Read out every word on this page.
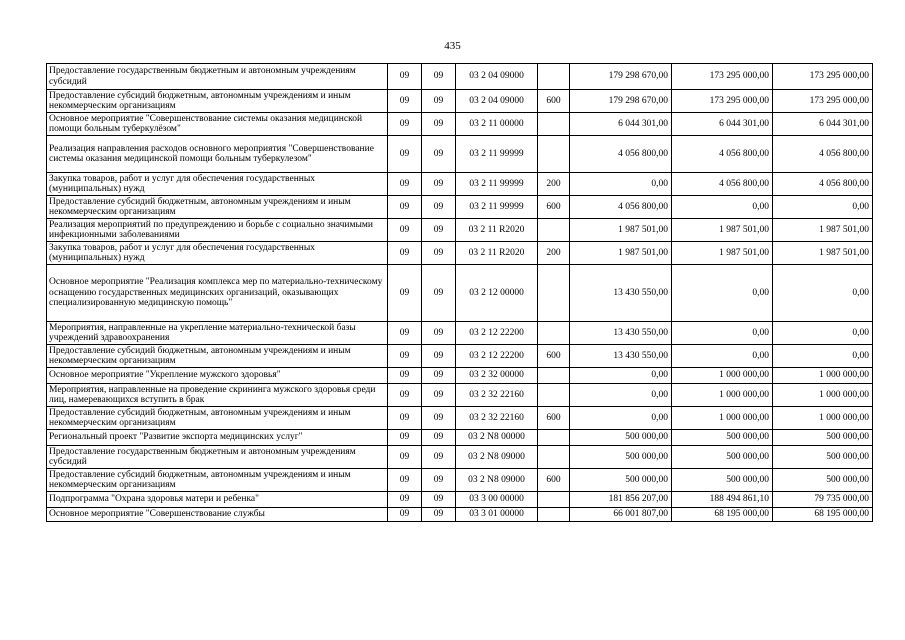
435
Предоставление государственным бюджетным и автономным учреждениям субсидий	09	09	03 2 04 09000		179 298 670,00	173 295 000,00	173 295 000,00
Предоставление субсидий бюджетным, автономным учреждениям и иным некоммерческим организациям	09	09	03 2 04 09000	600	179 298 670,00	173 295 000,00	173 295 000,00
Основное мероприятие "Совершенствование системы оказания медицинской помощи больным туберкулёзом"	09	09	03 2 11 00000		6 044 301,00	6 044 301,00	6 044 301,00
Реализация направления расходов основного мероприятия "Совершенствование системы оказания медицинской помощи больным туберкулезом"	09	09	03 2 11 99999		4 056 800,00	4 056 800,00	4 056 800,00
Закупка товаров, работ и услуг для обеспечения государственных (муниципальных) нужд	09	09	03 2 11 99999	200	0,00	4 056 800,00	4 056 800,00
Предоставление субсидий бюджетным, автономным учреждениям и иным некоммерческим организациям	09	09	03 2 11 99999	600	4 056 800,00	0,00	0,00
Реализация мероприятий по предупреждению и борьбе с социально значимыми инфекционными заболеваниями	09	09	03 2 11 R2020		1 987 501,00	1 987 501,00	1 987 501,00
Закупка товаров, работ и услуг для обеспечения государственных (муниципальных) нужд	09	09	03 2 11 R2020	200	1 987 501,00	1 987 501,00	1 987 501,00
Основное мероприятие "Реализация комплекса мер по материально-техническому оснащению государственных медицинских организаций, оказывающих специализированную медицинскую помощь"	09	09	03 2 12 00000		13 430 550,00	0,00	0,00
Мероприятия, направленные на укрепление материально-технической базы учреждений здравоохранения	09	09	03 2 12 22200		13 430 550,00	0,00	0,00
Предоставление субсидий бюджетным, автономным учреждениям и иным некоммерческим организациям	09	09	03 2 12 22200	600	13 430 550,00	0,00	0,00
Основное мероприятие "Укрепление мужского здоровья"	09	09	03 2 32 00000		0,00	1 000 000,00	1 000 000,00
Мероприятия, направленные на проведение скрининга мужского здоровья среди лиц, намеревающихся вступить в брак	09	09	03 2 32 22160		0,00	1 000 000,00	1 000 000,00
Предоставление субсидий бюджетным, автономным учреждениям и иным некоммерческим организациям	09	09	03 2 32 22160	600	0,00	1 000 000,00	1 000 000,00
Региональный проект "Развитие экспорта медицинских услуг"	09	09	03 2 N8 00000		500 000,00	500 000,00	500 000,00
Предоставление государственным бюджетным и автономным учреждениям субсидий	09	09	03 2 N8 09000		500 000,00	500 000,00	500 000,00
Предоставление субсидий бюджетным, автономным учреждениям и иным некоммерческим организациям	09	09	03 2 N8 09000	600	500 000,00	500 000,00	500 000,00
Подпрограмма "Охрана здоровья матери и ребенка"	09	09	03 3 00 00000		181 856 207,00	188 494 861,10	79 735 000,00
Основное мероприятие "Совершенствование службы	09	09	03 3 01 00000		66 001 807,00	68 195 000,00	68 195 000,00
